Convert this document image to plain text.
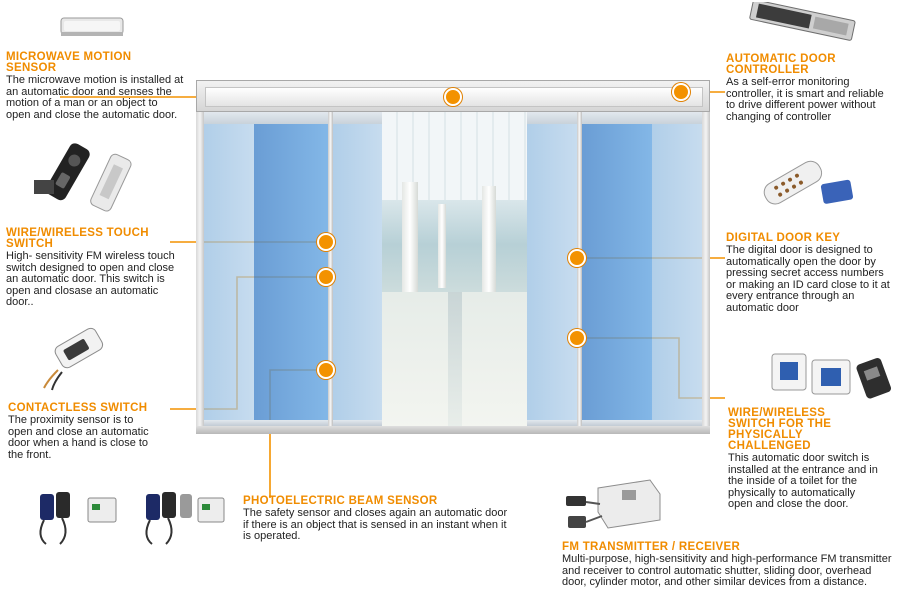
MICROWAVE MOTION SENSOR
The microwave motion is installed at an automatic door and senses the motion of a man or an object to open and close the automatic door.
WIRE/WIRELESS TOUCH SWITCH
High- sensitivity FM wireless touch switch designed to open and close an automatic door. This switch is open and closase an automatic door..
CONTACTLESS SWITCH
The proximity sensor is to open and close an automatic door when a hand is close to the front.
PHOTOELECTRIC BEAM SENSOR
The safety sensor and closes again an automatic door if there is an object that is sensed in an instant when it is operated.
AUTOMATIC DOOR CONTROLLER
As a self-error monitoring controller, it is smart and reliable to drive different power without changing of controller
DIGITAL DOOR KEY
The digital door is designed to automatically open the door by pressing secret access numbers or making an ID card close to it at every entrance through an automatic door
WIRE/WIRELESS SWITCH FOR THE PHYSICALLY CHALLENGED
This automatic door switch is installed at the entrance and in the inside of a toilet for the physically to automatically open and close the door.
FM TRANSMITTER / RECEIVER
Multi-purpose, high-sensitivity and high-performance FM transmitter and receiver to control automatic shutter, sliding door, overhead door, cylinder motor, and other similar devices from a distance.
